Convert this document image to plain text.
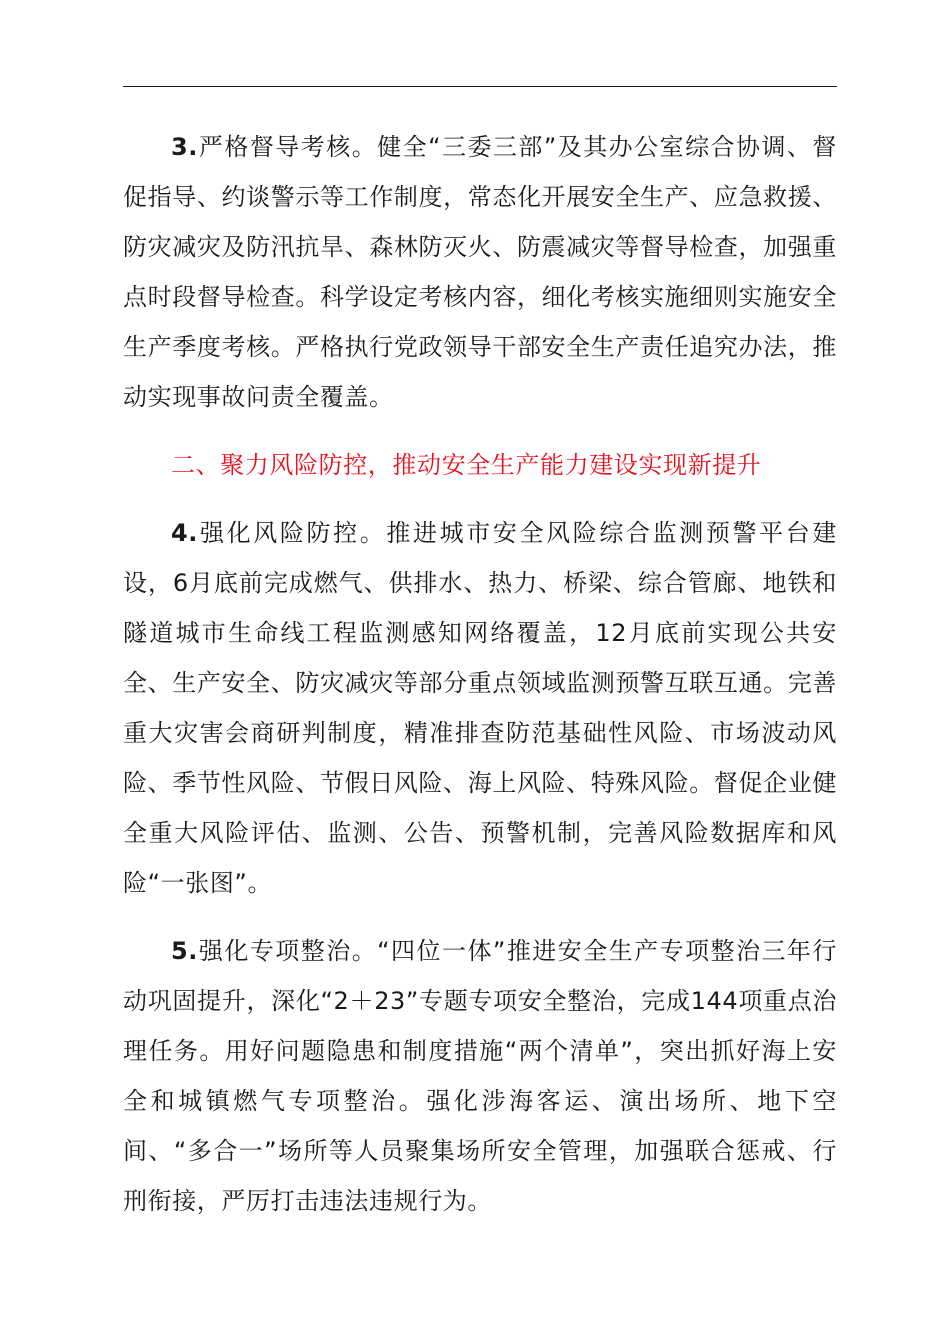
3.严格督导考核。健全“三委三部”及其办公室综合协调、督促指导、约谈警示等工作制度，常态化开展安全生产、应急救援、防灾减灾及防汛抗旱、森林防灭火、防震减灾等督导检查，加强重点时段督导检查。科学设定考核内容，细化考核实施细则实施安全生产季度考核。严格执行党政领导干部安全生产责任追究办法，推动实现事故问责全覆盖。

二、聚力风险防控，推动安全生产能力建设实现新提升

4.强化风险防控。推进城市安全风险综合监测预警平台建设，6月底前完成燃气、供排水、热力、桥梁、综合管廊、地铁和隧道城市生命线工程监测感知网络覆盖，12月底前实现公共安全、生产安全、防灾减灾等部分重点领域监测预警互联互通。完善重大灾害会商研判制度，精准排查防范基础性风险、市场波动风险、季节性风险、节假日风险、海上风险、特殊风险。督促企业健全重大风险评估、监测、公告、预警机制，完善风险数据库和风险“一张图”。

5.强化专项整治。“四位一体”推进安全生产专项整治三年行动巩固提升，深化“2＋23”专题专项安全整治，完成144项重点治理任务。用好问题隐患和制度措施“两个清单”，突出抓好海上安全和城镇燃气专项整治。强化涉海客运、演出场所、地下空间、“多合一”场所等人员聚集场所安全管理，加强联合惩戒、行刑衔接，严厉打击违法违规行为。
